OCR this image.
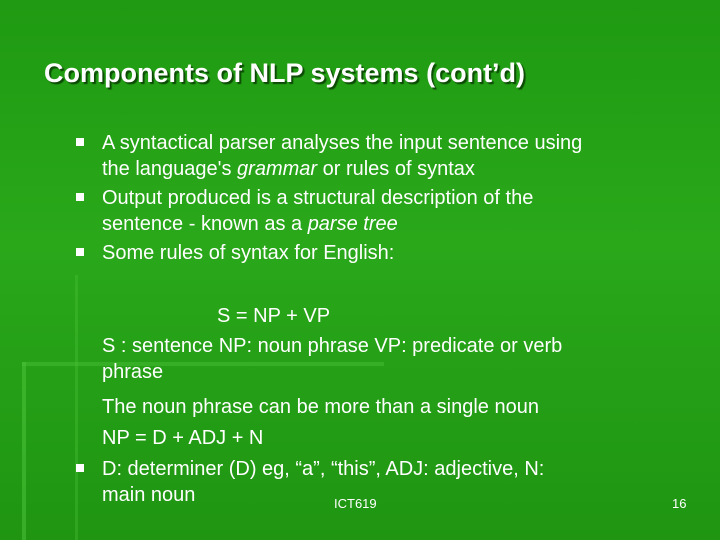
Components of NLP systems (cont’d)
A syntactical parser analyses the input sentence using
the language's grammar or rules of syntax
Output produced is a structural description of the
sentence - known as a parse tree
Some rules of syntax for English:
S = NP + VP
S : sentence NP: noun phrase VP: predicate or verb
phrase
The noun phrase can be more than a single noun
NP = D + ADJ + N
D: determiner (D) eg, “a”, “this”, ADJ: adjective, N:
main noun	ICT619	16
